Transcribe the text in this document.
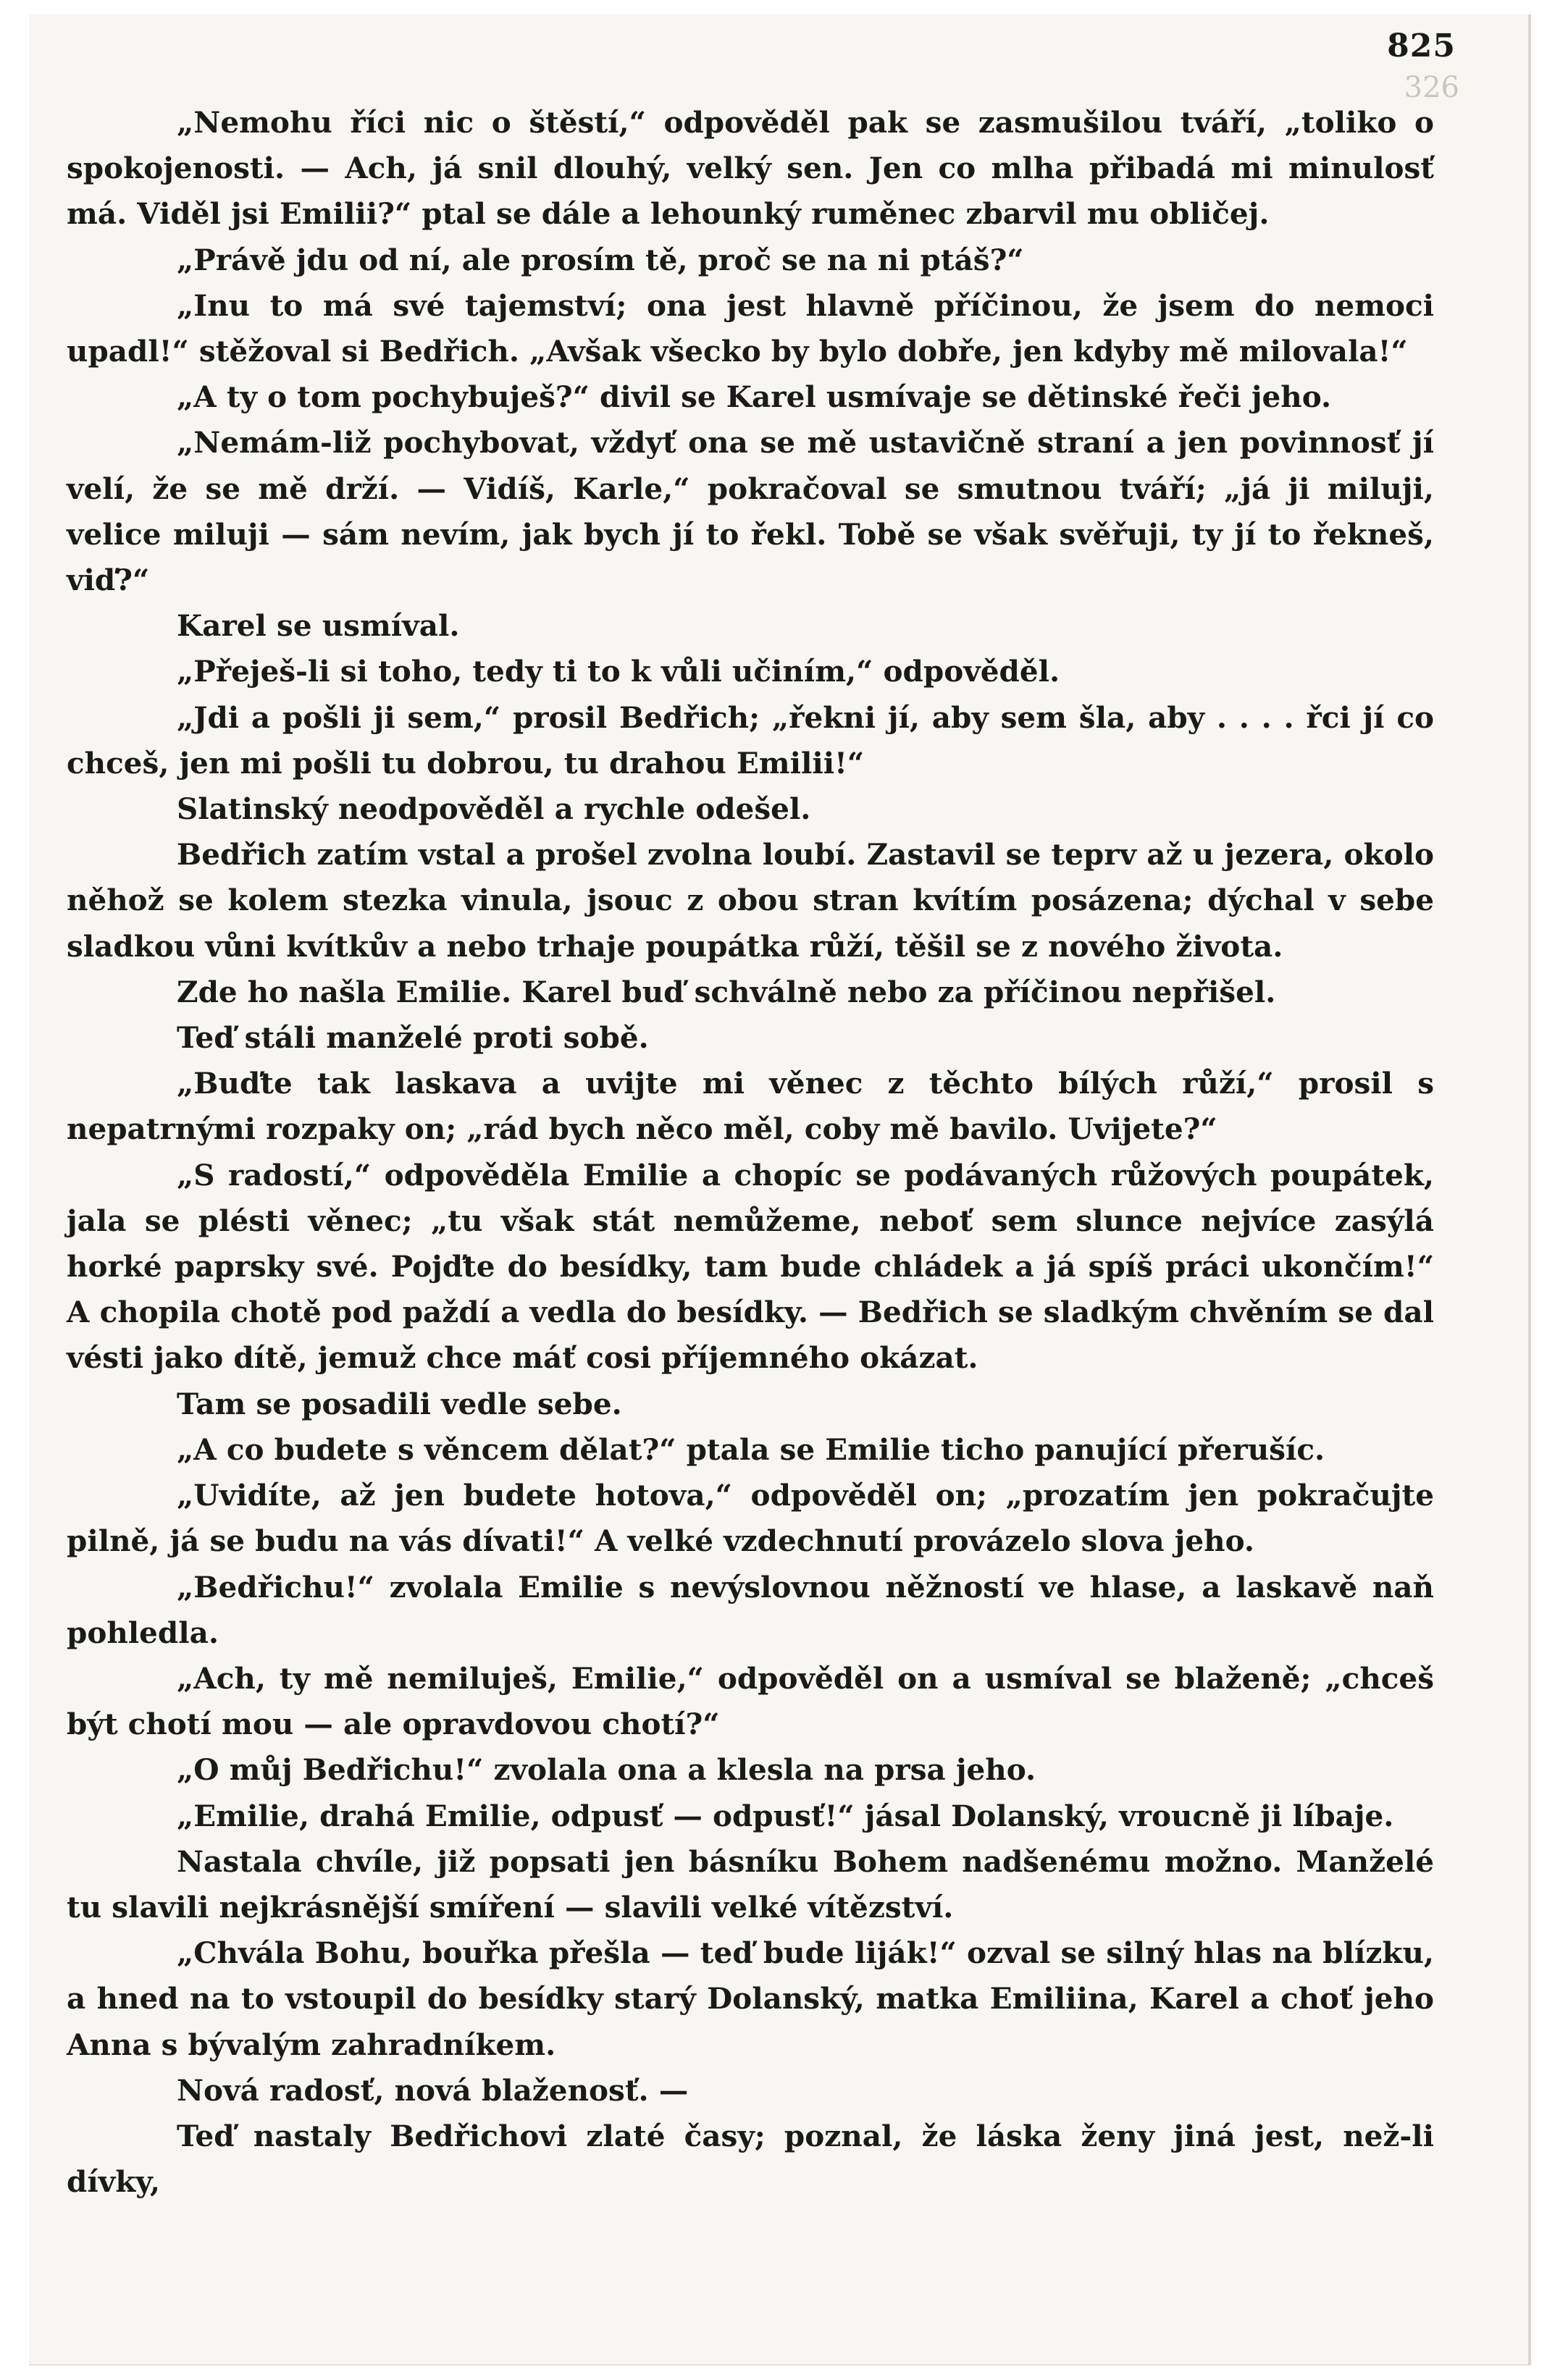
825
326

„Nemohu říci nic o štěstí,“ odpověděl pak se zasmušilou tváří, „toliko o spokojenosti. — Ach, já snil dlouhý, velký sen. Jen co mlha přibadá mi minulosť má. Viděl jsi Emilii?“ ptal se dále a lehounký ruměnec zbarvil mu obličej.

„Právě jdu od ní, ale prosím tě, proč se na ni ptáš?“

„Inu to má své tajemství; ona jest hlavně příčinou, že jsem do nemoci upadl!“ stěžoval si Bedřich. „Avšak všecko by bylo dobře, jen kdyby mě milovala!“

„A ty o tom pochybuješ?“ divil se Karel usmívaje se dětinské řeči jeho.

„Nemám-liž pochybovat, vždyť ona se mě ustavičně straní a jen povinnosť jí velí, že se mě drží. — Vidíš, Karle,“ pokračoval se smutnou tváří; „já ji miluji, velice miluji — sám nevím, jak bych jí to řekl. Tobě se však svěřuji, ty jí to řekneš, viď?“

Karel se usmíval.

„Přeješ-li si toho, tedy ti to k vůli učiním,“ odpověděl.

„Jdi a pošli ji sem,“ prosil Bedřich; „řekni jí, aby sem šla, aby . . . . řci jí co chceš, jen mi pošli tu dobrou, tu drahou Emilii!“

Slatinský neodpověděl a rychle odešel.

Bedřich zatím vstal a prošel zvolna loubí. Zastavil se teprv až u jezera, okolo něhož se kolem stezka vinula, jsouc z obou stran kvítím posázena; dýchal v sebe sladkou vůni kvítkův a nebo trhaje poupátka růží, těšil se z nového života.

Zde ho našla Emilie. Karel buď schválně nebo za příčinou nepřišel.

Teď stáli manželé proti sobě.

„Buďte tak laskava a uvijte mi věnec z těchto bílých růží,“ prosil s nepatrnými rozpaky on; „rád bych něco měl, coby mě bavilo. Uvijete?“

„S radostí,“ odpověděla Emilie a chopíc se podávaných růžových poupátek, jala se plésti věnec; „tu však stát nemůžeme, neboť sem slunce nejvíce zasýlá horké paprsky své. Pojďte do besídky, tam bude chládek a já spíš práci ukončím!“ A chopila chotě pod paždí a vedla do besídky. — Bedřich se sladkým chvěním se dal vésti jako dítě, jemuž chce máť cosi příjemného okázat.

Tam se posadili vedle sebe.

„A co budete s věncem dělat?“ ptala se Emilie ticho panující přerušíc.

„Uvidíte, až jen budete hotova,“ odpověděl on; „prozatím jen pokračujte pilně, já se budu na vás dívati!“ A velké vzdechnutí provázelo slova jeho.

„Bedřichu!“ zvolala Emilie s nevýslovnou něžností ve hlase, a laskavě naň pohledla.

„Ach, ty mě nemiluješ, Emilie,“ odpověděl on a usmíval se blaženě; „chceš být chotí mou — ale opravdovou chotí?“

„O můj Bedřichu!“ zvolala ona a klesla na prsa jeho.

„Emilie, drahá Emilie, odpusť — odpusť!“ jásal Dolanský, vroucně ji líbaje.

Nastala chvíle, již popsati jen básníku Bohem nadšenému možno. Manželé tu slavili nejkrásnější smíření — slavili velké vítězství.

„Chvála Bohu, bouřka přešla — teď bude liják!“ ozval se silný hlas na blízku, a hned na to vstoupil do besídky starý Dolanský, matka Emiliina, Karel a choť jeho Anna s bývalým zahradníkem.

Nová radosť, nová blaženosť. —

Teď nastaly Bedřichovi zlaté časy; poznal, že láska ženy jiná jest, než-li dívky,
